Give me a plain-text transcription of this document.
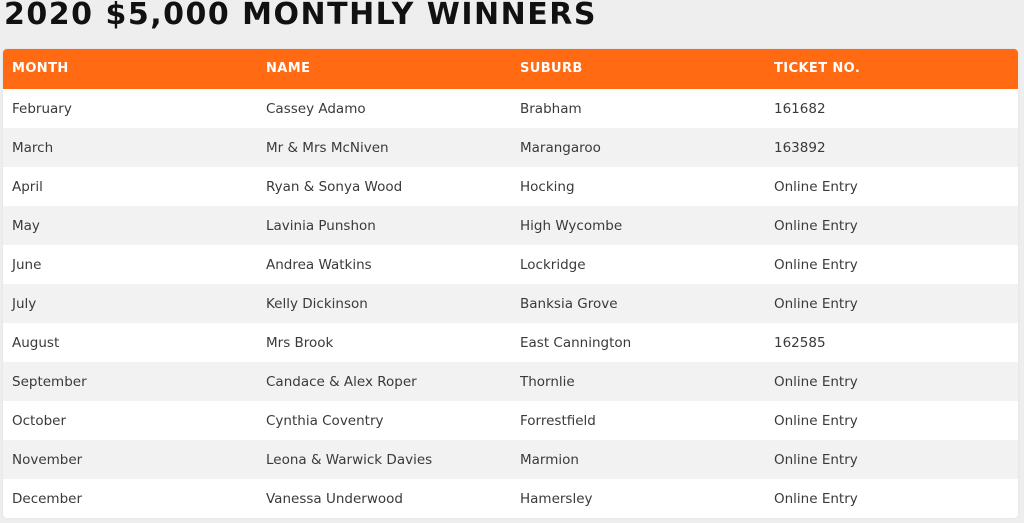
2020 $5,000 MONTHLY WINNERS
MONTH	NAME	SUBURB	TICKET NO.
February	Cassey Adamo	Brabham	161682
March	Mr & Mrs McNiven	Marangaroo	163892
April	Ryan & Sonya Wood	Hocking	Online Entry
May	Lavinia Punshon	High Wycombe	Online Entry
June	Andrea Watkins	Lockridge	Online Entry
July	Kelly Dickinson	Banksia Grove	Online Entry
August	Mrs Brook	East Cannington	162585
September	Candace & Alex Roper	Thornlie	Online Entry
October	Cynthia Coventry	Forrestfield	Online Entry
November	Leona & Warwick Davies	Marmion	Online Entry
December	Vanessa Underwood	Hamersley	Online Entry
